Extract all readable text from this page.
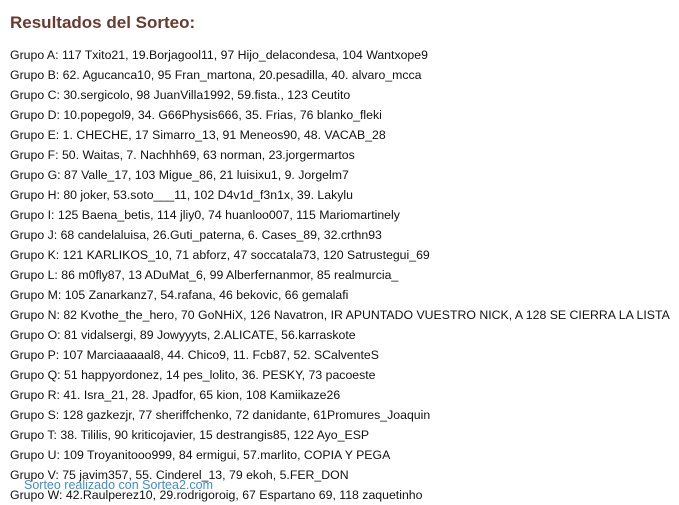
Resultados del Sorteo:
Grupo A: 117 Txito21, 19.Borjagool11, 97 Hijo_delacondesa, 104 Wantxope9
Grupo B: 62. Agucanca10, 95 Fran_martona, 20.pesadilla, 40. alvaro_mcca
Grupo C: 30.sergicolo, 98 JuanVilla1992, 59.fista., 123 Ceutito
Grupo D: 10.popegol9, 34. G66Physis666, 35. Frias, 76 blanko_fleki
Grupo E: 1. CHECHE, 17 Simarro_13, 91 Meneos90, 48. VACAB_28
Grupo F: 50. Waitas, 7. Nachhh69, 63 norman, 23.jorgermartos
Grupo G: 87 Valle_17, 103 Migue_86, 21 luisixu1, 9. Jorgelm7
Grupo H: 80 joker, 53.soto___11, 102 D4v1d_f3n1x, 39. Lakylu
Grupo I: 125 Baena_betis, 114 jliy0, 74 huanloo007, 115 Mariomartinely
Grupo J: 68 candelaluisa, 26.Guti_paterna, 6. Cases_89, 32.crthn93
Grupo K: 121 KARLIKOS_10, 71 abforz, 47 soccatala73, 120 Satrustegui_69
Grupo L: 86 m0fly87, 13 ADuMat_6, 99 Alberfernanmor, 85 realmurcia_
Grupo M: 105 Zanarkanz7, 54.rafana, 46 bekovic, 66 gemalafi
Grupo N: 82 Kvothe_the_hero, 70 GoNHiX, 126 Navatron, IR APUNTADO VUESTRO NICK, A 128 SE CIERRA LA LISTA
Grupo O: 81 vidalsergi, 89 Jowyyyts, 2.ALICATE, 56.karraskote
Grupo P: 107 Marciaaaaal8, 44. Chico9, 11. Fcb87, 52. SCalventeS
Grupo Q: 51 happyordonez, 14 pes_lolito, 36. PESKY, 73 pacoeste
Grupo R: 41. Isra_21, 28. Jpadfor, 65 kion, 108 Kamiikaze26
Grupo S: 128 gazkezjr, 77 sheriffchenko, 72 danidante, 61Promures_Joaquin
Grupo T: 38. Tililis, 90 kriticojavier, 15 destrangis85, 122 Ayo_ESP
Grupo U: 109 Troyanitooo999, 84 ermigui, 57.marlito, COPIA Y PEGA
Grupo V: 75 javim357, 55. Cinderel_13, 79 ekoh, 5.FER_DON
Grupo W: 42.Raulperez10, 29.rodrigoroig, 67 Espartano 69, 118 zaquetinho
Sorteo realizado con Sortea2.com
